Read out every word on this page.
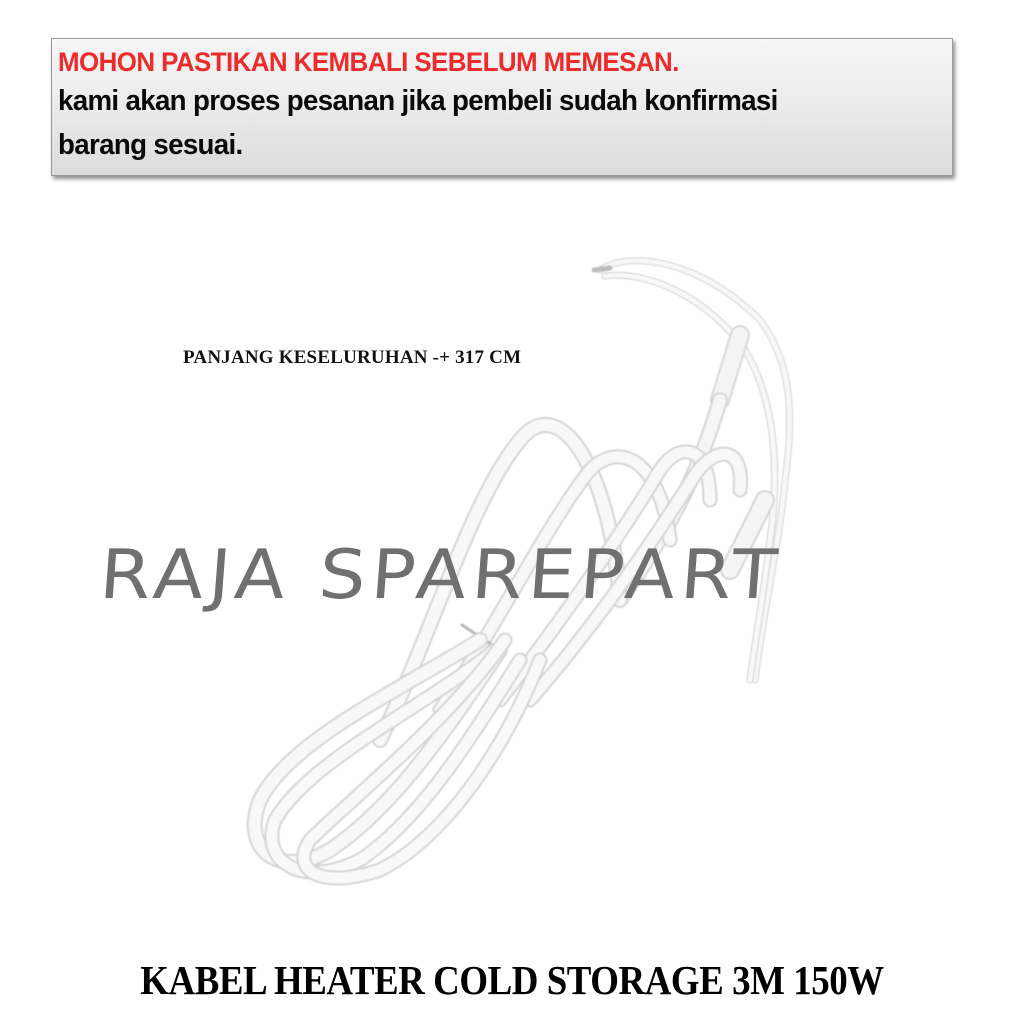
MOHON PASTIKAN KEMBALI SEBELUM MEMESAN.
kami akan proses pesanan jika pembeli sudah konfirmasi
barang sesuai.
PANJANG KESELURUHAN -+ 317 CM
RAJA SPAREPART
KABEL HEATER COLD STORAGE 3M 150W
